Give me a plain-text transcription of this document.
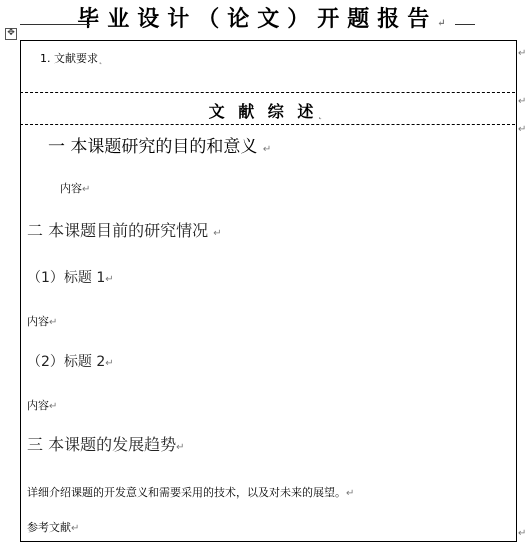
毕业设计（论文）开题报告↵
✥
↵
↵
↵
↵
1. 文献要求˛
文 献 综 述˛
一 本课题研究的目的和意义 ↵
内容↵
二 本课题目前的研究情况 ↵
（1）标题 1↵
内容↵
（2）标题 2↵
内容↵
三 本课题的发展趋势↵
详细介绍课题的开发意义和需要采用的技术，以及对未来的展望。↵
参考文献↵
